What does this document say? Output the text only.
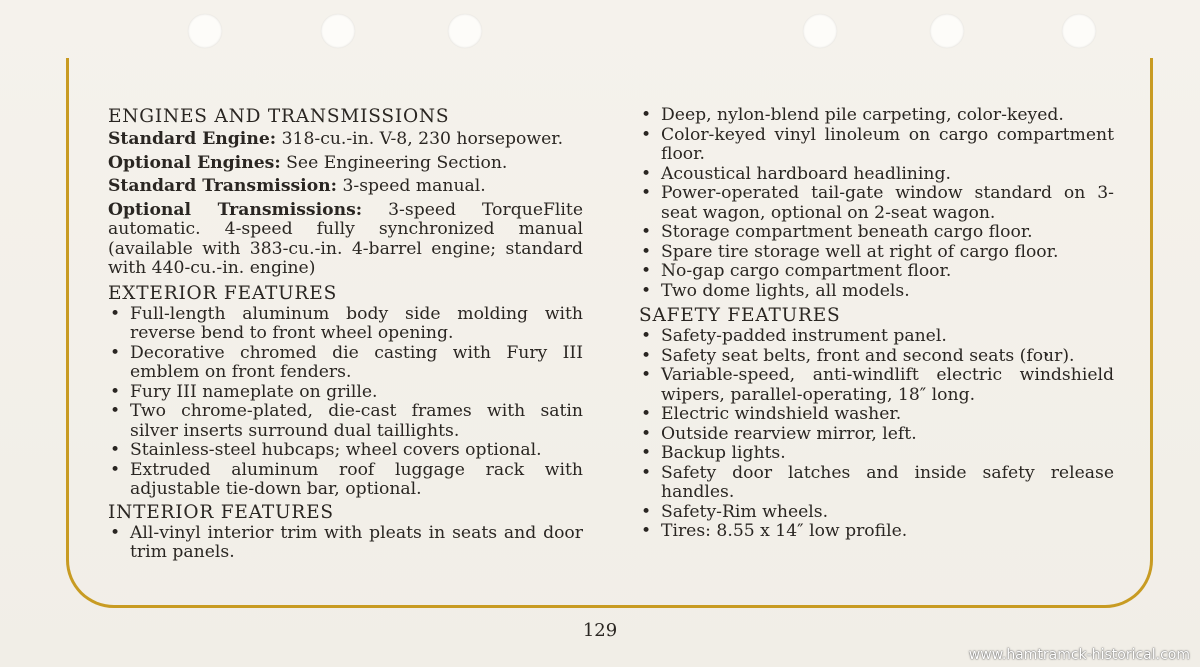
ENGINES AND TRANSMISSIONS

Standard Engine: 318-cu.-in. V-8, 230 horsepower.

Optional Engines: See Engineering Section.

Standard Transmission: 3-speed manual.

Optional Transmissions: 3-speed TorqueFlite automatic. 4-speed fully synchronized manual (available with 383-cu.-in. 4-barrel engine; standard with 440-cu.-in. engine)

EXTERIOR FEATURES
• Full-length aluminum body side molding with reverse bend to front wheel opening.
• Decorative chromed die casting with Fury III emblem on front fenders.
• Fury III nameplate on grille.
• Two chrome-plated, die-cast frames with satin silver inserts surround dual taillights.
• Stainless-steel hubcaps; wheel covers optional.
• Extruded aluminum roof luggage rack with adjustable tie-down bar, optional.
INTERIOR FEATURES
• All-vinyl interior trim with pleats in seats and door trim panels.
• Deep, nylon-blend pile carpeting, color-keyed.
• Color-keyed vinyl linoleum on cargo compartment floor.
• Acoustical hardboard headlining.
• Power-operated tail-gate window standard on 3-seat wagon, optional on 2-seat wagon.
• Storage compartment beneath cargo floor.
• Spare tire storage well at right of cargo floor.
• No-gap cargo compartment floor.
• Two dome lights, all models.
SAFETY FEATURES
• Safety-padded instrument panel.
• Safety seat belts, front and second seats (four).
• Variable-speed, anti-windlift electric windshield wipers, parallel-operating, 18″ long.
• Electric windshield washer.
• Outside rearview mirror, left.
• Backup lights.
• Safety door latches and inside safety release handles.
• Safety-Rim wheels.
• Tires: 8.55 x 14″ low profile.
129
www.hamtramck-historical.com
